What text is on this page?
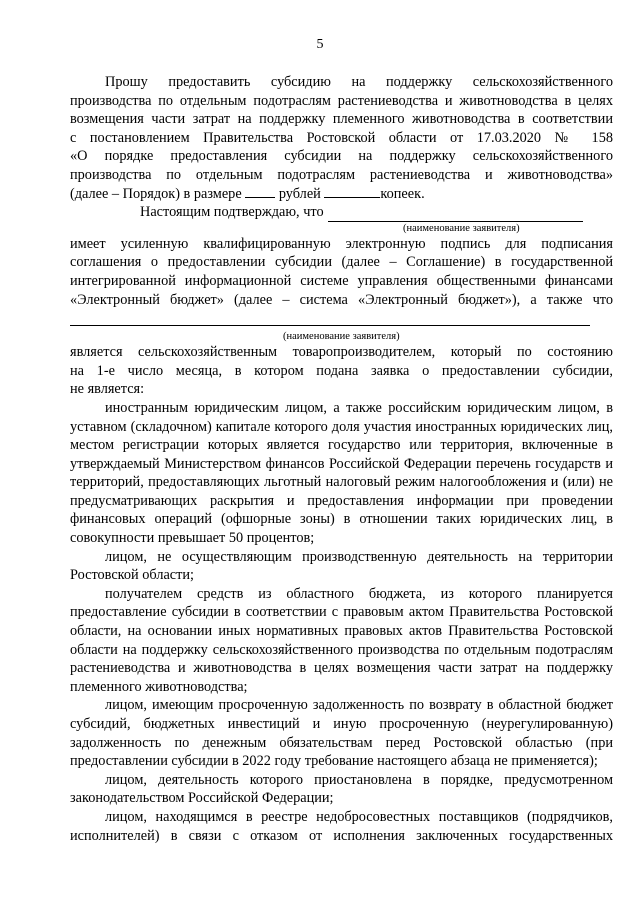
5

Прошу предоставить субсидию на поддержку сельскохозяйственного

производства по отдельным подотраслям растениеводства и животноводства в целях

возмещения части затрат на поддержку племенного животноводства в соответствии

с постановлением Правительства Ростовской области от 17.03.2020 № 158

«О порядке предоставления субсидии на поддержку сельскохозяйственного

производства по отдельным подотраслям растениеводства и животноводства»

(далее – Порядок) в размере	рублей	копеек.

Настоящим подтверждаю, что
(наименование заявителя)

имеет усиленную квалифицированную электронную подпись для подписания

соглашения о предоставлении субсидии (далее – Соглашение) в государственной

интегрированной информационной системе управления общественными финансами

«Электронный бюджет» (далее – система «Электронный бюджет»), а также что

(наименование заявителя)

является сельскохозяйственным товаропроизводителем, который по состоянию

на 1-е число месяца, в котором подана заявка о предоставлении субсидии,

не является:

иностранным юридическим лицом, а также российским юридическим лицом, в уставном (складочном) капитале которого доля участия иностранных юридических лиц, местом регистрации которых является государство или территория, включенные в утверждаемый Министерством финансов Российской Федерации перечень государств и территорий, предоставляющих льготный налоговый режим налогообложения и (или) не предусматривающих раскрытия и предоставления информации при проведении финансовых операций (офшорные зоны) в отношении таких юридических лиц, в совокупности превышает 50 процентов;

лицом, не осуществляющим производственную деятельность на территории Ростовской области;

получателем средств из областного бюджета, из которого планируется предоставление субсидии в соответствии с правовым актом Правительства Ростовской области, на основании иных нормативных правовых актов Правительства Ростовской области на поддержку сельскохозяйственного производства по отдельным подотраслям растениеводства и животноводства в целях возмещения части затрат на поддержку племенного животноводства;

лицом, имеющим просроченную задолженность по возврату в областной бюджет субсидий, бюджетных инвестиций и иную просроченную (неурегулированную) задолженность по денежным обязательствам перед Ростовской областью (при предоставлении субсидии в 2022 году требование настоящего абзаца не применяется);

лицом, деятельность которого приостановлена в порядке, предусмотренном законодательством Российской Федерации;

лицом, находящимся в реестре недобросовестных поставщиков (подрядчиков, исполнителей) в связи с отказом от исполнения заключенных государственных
